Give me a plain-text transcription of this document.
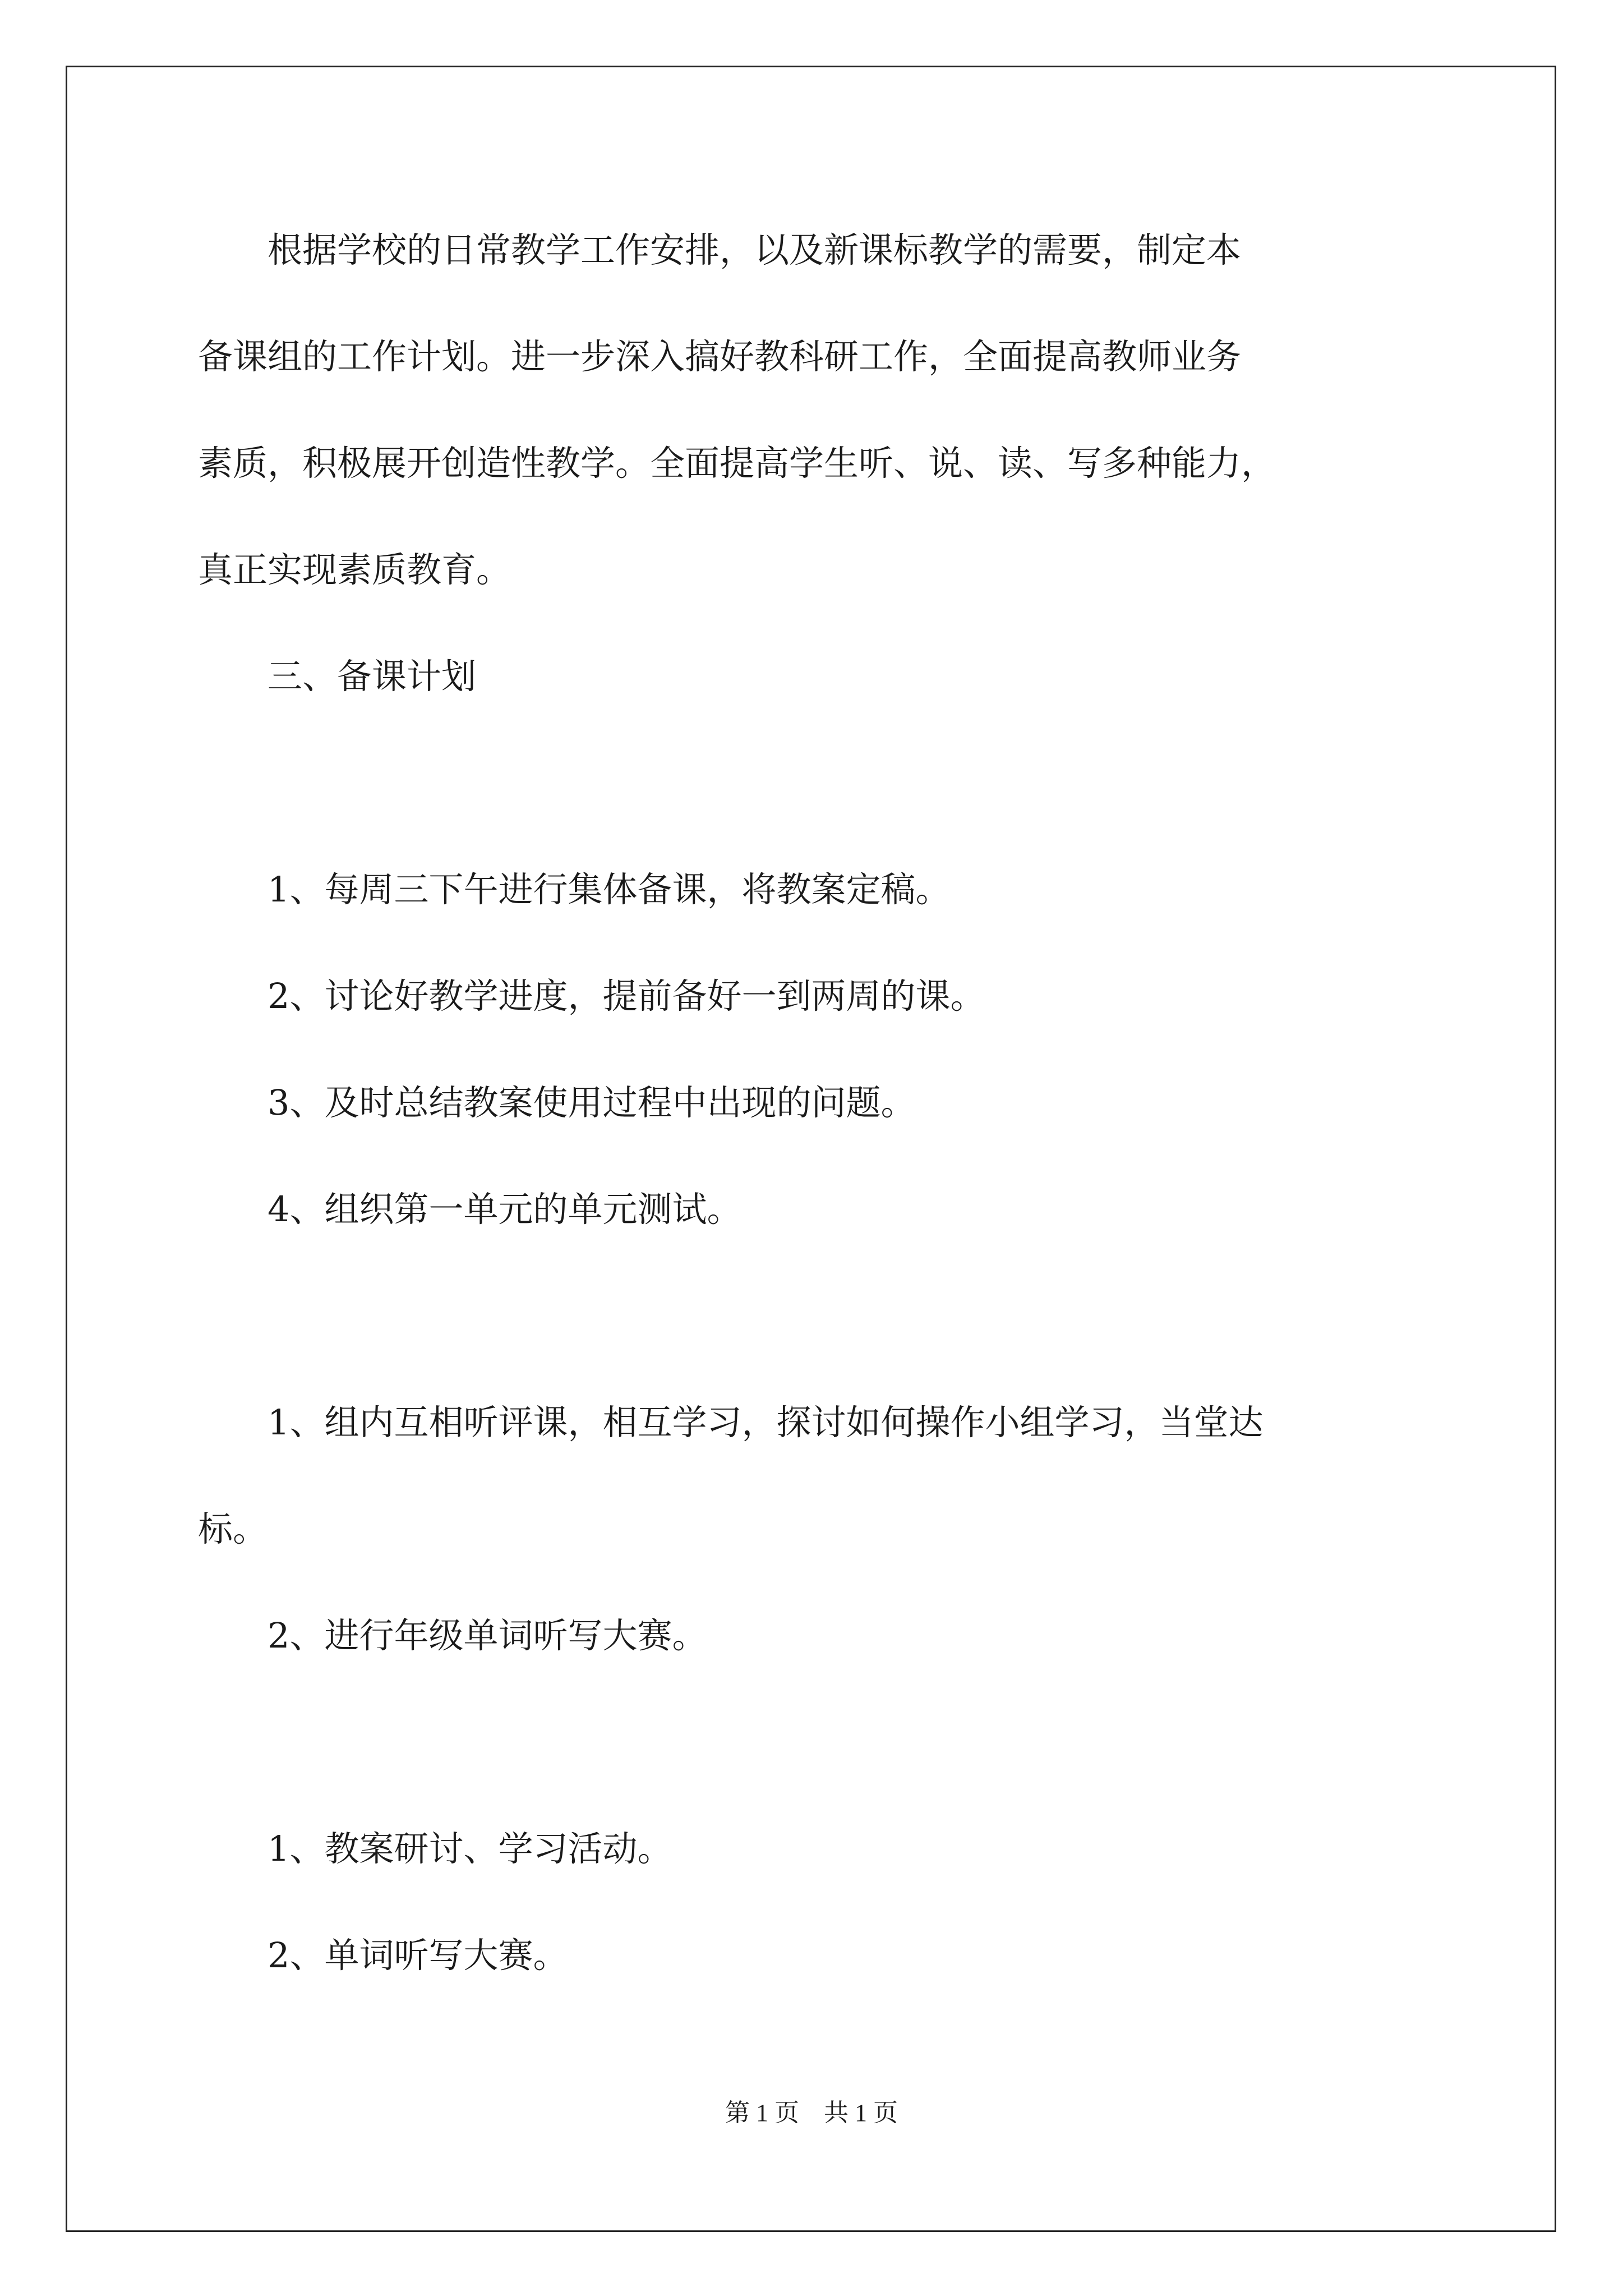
　　根据学校的日常教学工作安排，以及新课标教学的需要，制定本

备课组的工作计划。进一步深入搞好教科研工作，全面提高教师业务

素质，积极展开创造性教学。全面提高学生听、说、读、写多种能力，

真正实现素质教育。

　　三、备课计划

　　1、每周三下午进行集体备课，将教案定稿。

　　2、讨论好教学进度，提前备好一到两周的课。

　　3、及时总结教案使用过程中出现的问题。

　　4、组织第一单元的单元测试。

　　1、组内互相听评课，相互学习，探讨如何操作小组学习，当堂达

标。

　　2、进行年级单词听写大赛。

　　1、教案研讨、学习活动。

　　2、单词听写大赛。

第 1 页　共 1 页
